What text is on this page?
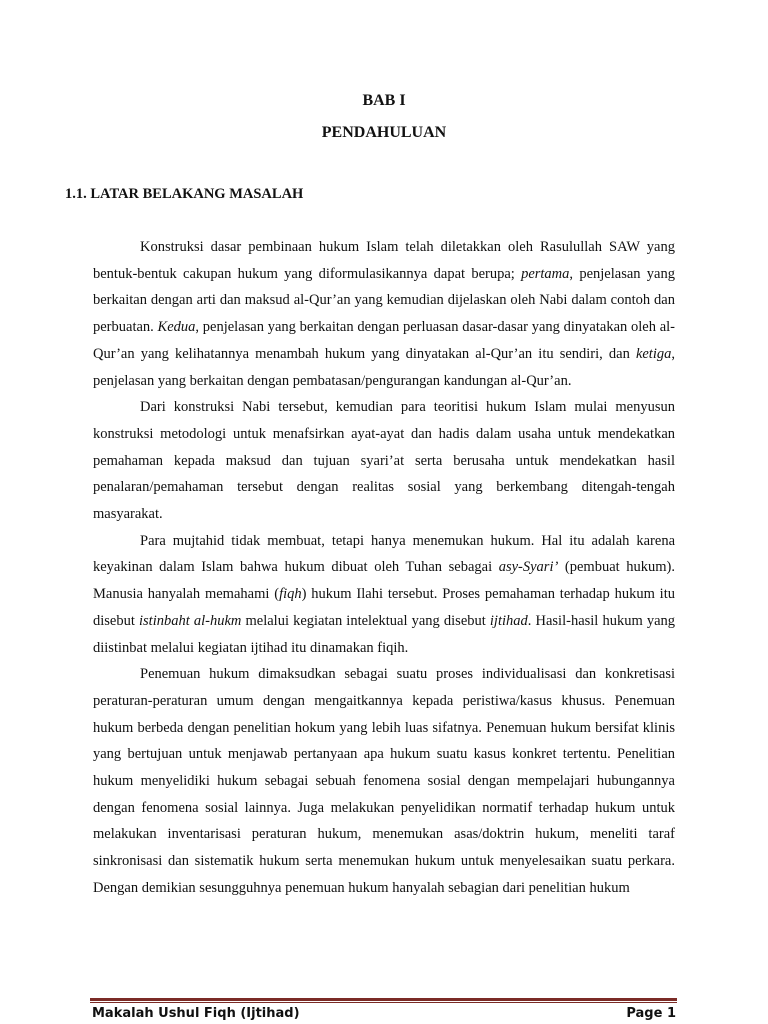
BAB I
PENDAHULUAN
1.1. LATAR BELAKANG MASALAH

Konstruksi dasar pembinaan hukum Islam telah diletakkan oleh Rasulullah SAW yang bentuk-bentuk cakupan hukum yang diformulasikannya dapat berupa; pertama, penjelasan yang berkaitan dengan arti dan maksud al-Qur’an yang kemudian dijelaskan oleh Nabi dalam contoh dan perbuatan. Kedua, penjelasan yang berkaitan dengan perluasan dasar-dasar yang dinyatakan oleh al-Qur’an yang kelihatannya menambah hukum yang dinyatakan al-Qur’an itu sendiri, dan ketiga, penjelasan yang berkaitan dengan pembatasan/pengurangan kandungan al-Qur’an.

Dari konstruksi Nabi tersebut, kemudian para teoritisi hukum Islam mulai menyusun konstruksi metodologi untuk menafsirkan ayat-ayat dan hadis dalam usaha untuk mendekatkan pemahaman kepada maksud dan tujuan syari’at serta berusaha untuk mendekatkan hasil penalaran/pemahaman tersebut dengan realitas sosial yang berkembang ditengah-tengah masyarakat.

Para mujtahid tidak membuat, tetapi hanya menemukan hukum. Hal itu adalah karena keyakinan dalam Islam bahwa hukum dibuat oleh Tuhan sebagai asy-Syari’ (pembuat hukum). Manusia hanyalah memahami (fiqh) hukum Ilahi tersebut. Proses pemahaman terhadap hukum itu disebut istinbaht al-hukm melalui kegiatan intelektual yang disebut ijtihad. Hasil-hasil hukum yang diistinbat melalui kegiatan ijtihad itu dinamakan fiqih.

Penemuan hukum dimaksudkan sebagai suatu proses individualisasi dan konkretisasi peraturan-peraturan umum dengan mengaitkannya kepada peristiwa/kasus khusus. Penemuan hukum berbeda dengan penelitian hokum yang lebih luas sifatnya. Penemuan hukum bersifat klinis yang bertujuan untuk menjawab pertanyaan apa hukum suatu kasus konkret tertentu. Penelitian hukum menyelidiki hukum sebagai sebuah fenomena sosial dengan mempelajari hubungannya dengan fenomena sosial lainnya. Juga melakukan penyelidikan normatif terhadap hukum untuk melakukan inventarisasi peraturan hukum, menemukan asas/doktrin hukum, meneliti taraf sinkronisasi dan sistematik hukum serta menemukan hukum untuk menyelesaikan suatu perkara. Dengan demikian sesungguhnya penemuan hukum hanyalah sebagian dari penelitian hukum

Makalah Ushul Fiqh (Ijtihad)	Page 1
